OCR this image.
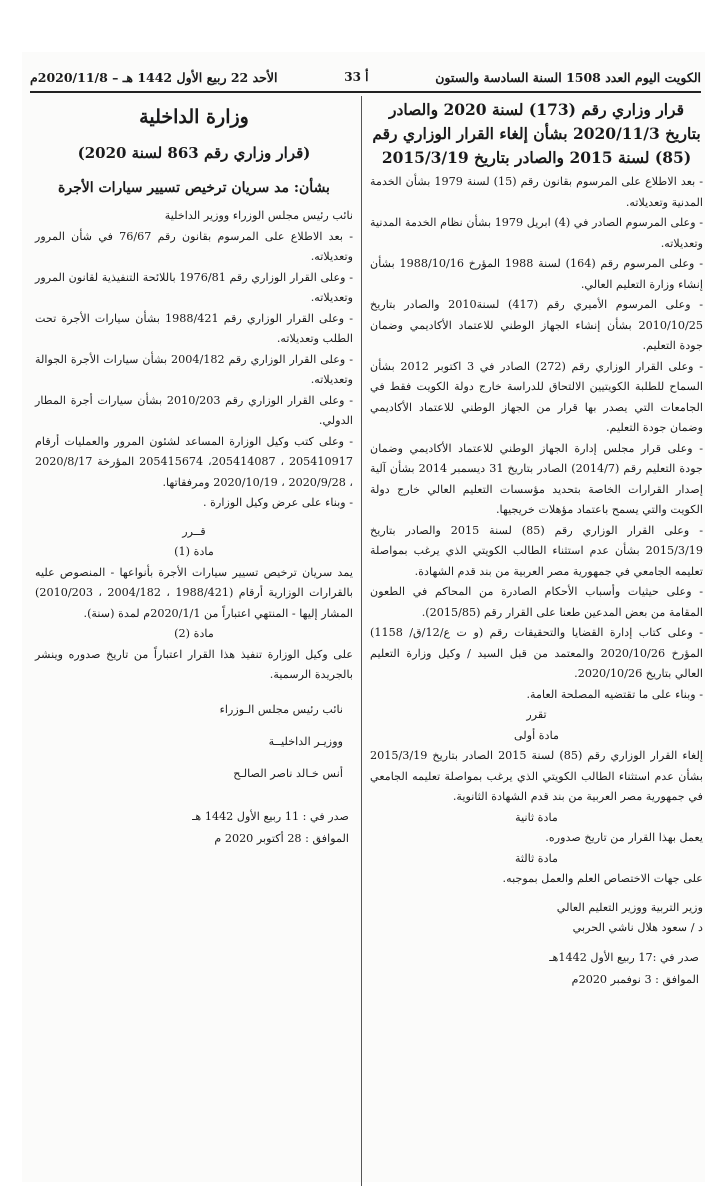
الكويت اليوم العدد 1508 السنة السادسة والستون
أ 33
الأحد 22 ربيع الأول 1442 هـ – 2020/11/8م

قرار وزاري رقم (173) لسنة 2020 والصادر بتاريخ 2020/11/3 بشأن إلغاء القرار الوزاري رقم (85) لسنة 2015 والصادر بتاريخ 2015/3/19

- بعد الاطلاع على المرسوم بقانون رقم (15) لسنة 1979 بشأن الخدمة المدنية وتعديلاته.

- وعلى المرسوم الصادر في (4) ابريل 1979 بشأن نظام الخدمة المدنية وتعديلاته.

- وعلى المرسوم رقم (164) لسنة 1988 المؤرخ 1988/10/16 بشأن إنشاء وزارة التعليم العالي.

- وعلى المرسوم الأميري رقم (417) لسنة2010 والصادر بتاريخ 2010/10/25 بشأن إنشاء الجهاز الوطني للاعتماد الأكاديمي وضمان جودة التعليم.

- وعلى القرار الوزاري رقم (272) الصادر في 3 اكتوبر 2012 بشأن السماح للطلبة الكويتيين الالتحاق للدراسة خارج دولة الكويت فقط في الجامعات التي يصدر بها قرار من الجهاز الوطني للاعتماد الأكاديمي وضمان جودة التعليم.

- وعلى قرار مجلس إدارة الجهاز الوطني للاعتماد الأكاديمي وضمان جودة التعليم رقم (2014/7) الصادر بتاريخ 31 ديسمبر 2014 بشأن آلية إصدار القرارات الخاصة بتحديد مؤسسات التعليم العالي خارج دولة الكويت والتي يسمح باعتماد مؤهلات خريجيها.

- وعلى القرار الوزاري رقم (85) لسنة 2015 والصادر بتاريخ 2015/3/19 بشأن عدم استثناء الطالب الكويتي الذي يرغب بمواصلة تعليمه الجامعي في جمهورية مصر العربية من بند قدم الشهادة.

- وعلى حيثيات وأسباب الأحكام الصادرة من المحاكم في الطعون المقامة من بعض المدعين طعنا على القرار رقم (2015/85).

- وعلى كتاب إدارة القضايا والتحقيقات رقم (و ت ع/12/ق/ 1158) المؤرخ 2020/10/26 والمعتمد من قبل السيد / وكيل وزارة التعليم العالي بتاريخ 2020/10/26.

- وبناء على ما تقتضيه المصلحة العامة.

تقرر

مادة أولى

إلغاء القرار الوزاري رقم (85) لسنة 2015 الصادر بتاريخ 2015/3/19 بشأن عدم استثناء الطالب الكويتي الذي يرغب بمواصلة تعليمه الجامعي في جمهورية مصر العربية من بند قدم الشهادة الثانوية.

مادة ثانية

يعمل بهذا القرار من تاريخ صدوره.

مادة ثالثة

على جهات الاختصاص العلم والعمل بموجبه.

وزير التربية ووزير التعليم العالي

د / سعود هلال ناشي الحربي

صدر في :17 ربيع الأول 1442هـ

الموافق : 3 نوفمبر 2020م

وزارة الداخلية

(قرار وزاري رقم 863 لسنة 2020)

بشأن: مد سريان ترخيص تسيير سيارات الأجرة

نائب رئيس مجلس الوزراء ووزير الداخلية

- بعد الاطلاع على المرسوم بقانون رقم 76/67 في شأن المرور وتعديلاته.

- وعلى القرار الوزاري رقم 1976/81 باللائحة التنفيذية لقانون المرور وتعديلاته.

- وعلى القرار الوزاري رقم 1988/421 بشأن سيارات الأجرة تحت الطلب وتعديلاته.

- وعلى القرار الوزاري رقم 2004/182 بشأن سيارات الأجرة الجوالة وتعديلاته.

- وعلى القرار الوزاري رقم 2010/203 بشأن سيارات أجرة المطار الدولي.

- وعلى كتب وكيل الوزارة المساعد لشئون المرور والعمليات أرقام 205410917 ، 205414087، 205415674 المؤرخة 2020/8/17 ، 2020/9/28 ، 2020/10/19 ومرفقاتها.

- وبناء على عرض وكيل الوزارة .

قــرر

مادة (1)

يمد سريان ترخيص تسيير سيارات الأجرة بأنواعها - المنصوص عليه بالقرارات الوزارية أرقام (1988/421 ، 2004/182 ، 2010/203) المشار إليها - المنتهي اعتباراً من 2020/1/1م لمدة (سنة).

مادة (2)

على وكيل الوزارة تنفيذ هذا القرار اعتباراً من تاريخ صدوره وينشر بالجريدة الرسمية.

نائب رئيس مجلس الـوزراء

ووزيـر الداخليــة

أنس خـالد ناصر الصالـح

صدر في : 11 ربيع الأول 1442 هـ

الموافق : 28 أكتوبر 2020 م
